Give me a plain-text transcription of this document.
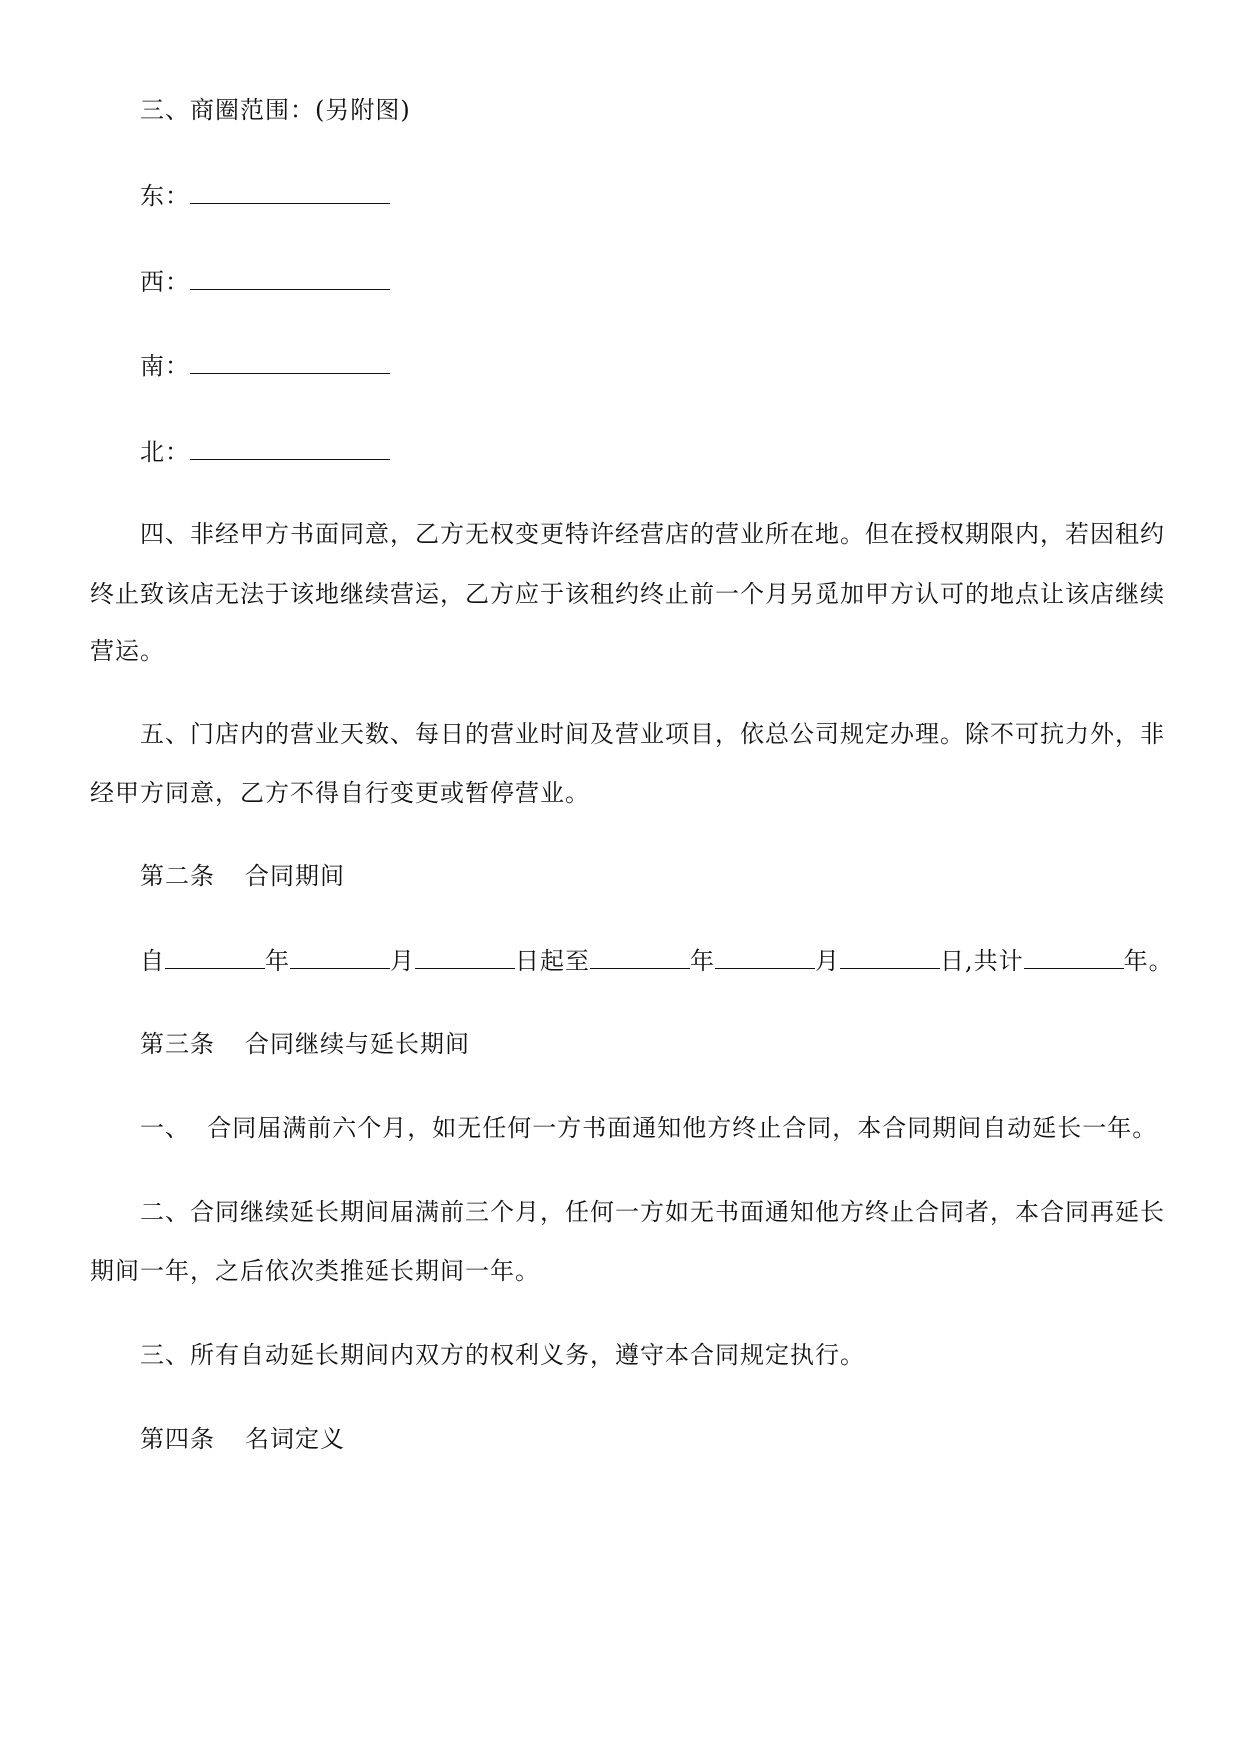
三、商圈范围：(另附图)
东：
西：
南：
北：
四、非经甲方书面同意，乙方无权变更特许经营店的营业所在地。但在授权期限内，若因租约
终止致该店无法于该地继续营运，乙方应于该租约终止前一个月另觅加甲方认可的地点让该店继续
营运。
五、门店内的营业天数、每日的营业时间及营业项目，依总公司规定办理。除不可抗力外，非
经甲方同意，乙方不得自行变更或暂停营业。
第二条 合同期间
自	年	月	日起至	年	月	日,共计	年。
第三条 合同继续与延长期间
一、  合同届满前六个月，如无任何一方书面通知他方终止合同，本合同期间自动延长一年。
二、合同继续延长期间届满前三个月，任何一方如无书面通知他方终止合同者，本合同再延长
期间一年，之后依次类推延长期间一年。
三、所有自动延长期间内双方的权利义务，遵守本合同规定执行。
第四条 名词定义
